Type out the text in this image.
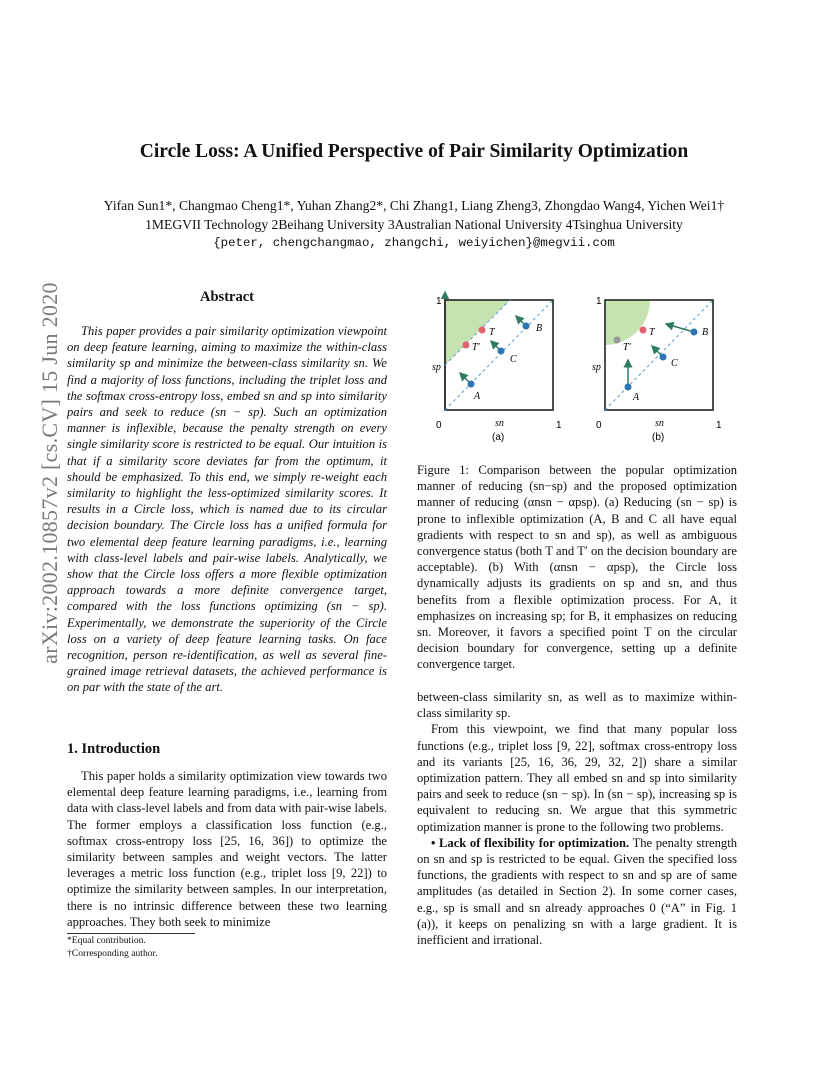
arXiv:2002.10857v2 [cs.CV] 15 Jun 2020
Circle Loss: A Unified Perspective of Pair Similarity Optimization
Yifan Sun1*, Changmao Cheng1*, Yuhan Zhang2*, Chi Zhang1, Liang Zheng3, Zhongdao Wang4, Yichen Wei1†
1MEGVII Technology 2Beihang University 3Australian National University 4Tsinghua University
{peter, chengchangmao, zhangchi, weiyichen}@megvii.com
Abstract

This paper provides a pair similarity optimization viewpoint on deep feature learning, aiming to maximize the within-class similarity sp and minimize the between-class similarity sn. We find a majority of loss functions, including the triplet loss and the softmax cross-entropy loss, embed sn and sp into similarity pairs and seek to reduce (sn − sp). Such an optimization manner is inflexible, because the penalty strength on every single similarity score is restricted to be equal. Our intuition is that if a similarity score deviates far from the optimum, it should be emphasized. To this end, we simply re-weight each similarity to highlight the less-optimized similarity scores. It results in a Circle loss, which is named due to its circular decision boundary. The Circle loss has a unified formula for two elemental deep feature learning paradigms, i.e., learning with class-level labels and pair-wise labels. Analytically, we show that the Circle loss offers a more flexible optimization approach towards a more definite convergence target, compared with the loss functions optimizing (sn − sp). Experimentally, we demonstrate the superiority of the Circle loss on a variety of deep feature learning tasks. On face recognition, person re-identification, as well as several fine-grained image retrieval datasets, the achieved performance is on par with the state of the art.

1. Introduction

This paper holds a similarity optimization view towards two elemental deep feature learning paradigms, i.e., learning from data with class-level labels and from data with pair-wise labels. The former employs a classification loss function (e.g., softmax cross-entropy loss [25, 16, 36]) to optimize the similarity between samples and weight vectors. The latter leverages a metric loss function (e.g., triplet loss [9, 22]) to optimize the similarity between samples. In our interpretation, there is no intrinsic difference between these two learning approaches. They both seek to minimize

*Equal contribution.
†Corresponding author.
T
T′
A
B
C
1
0	1
sp
sn
(a)
T
T′
A
B
C
1
0	1
sp
sn
(b)

Figure 1: Comparison between the popular optimization manner of reducing (sn−sp) and the proposed optimization manner of reducing (αnsn − αpsp). (a) Reducing (sn − sp) is prone to inflexible optimization (A, B and C all have equal gradients with respect to sn and sp), as well as ambiguous convergence status (both T and T′ on the decision boundary are acceptable). (b) With (αnsn − αpsp), the Circle loss dynamically adjusts its gradients on sp and sn, and thus benefits from a flexible optimization process. For A, it emphasizes on increasing sp; for B, it emphasizes on reducing sn. Moreover, it favors a specified point T on the circular decision boundary for convergence, setting up a definite convergence target.

between-class similarity sn, as well as to maximize within-class similarity sp.

From this viewpoint, we find that many popular loss functions (e.g., triplet loss [9, 22], softmax cross-entropy loss and its variants [25, 16, 36, 29, 32, 2]) share a similar optimization pattern. They all embed sn and sp into similarity pairs and seek to reduce (sn − sp). In (sn − sp), increasing sp is equivalent to reducing sn. We argue that this symmetric optimization manner is prone to the following two problems.

• Lack of flexibility for optimization. The penalty strength on sn and sp is restricted to be equal. Given the specified loss functions, the gradients with respect to sn and sp are of same amplitudes (as detailed in Section 2). In some corner cases, e.g., sp is small and sn already approaches 0 (“A” in Fig. 1 (a)), it keeps on penalizing sn with a large gradient. It is inefficient and irrational.
